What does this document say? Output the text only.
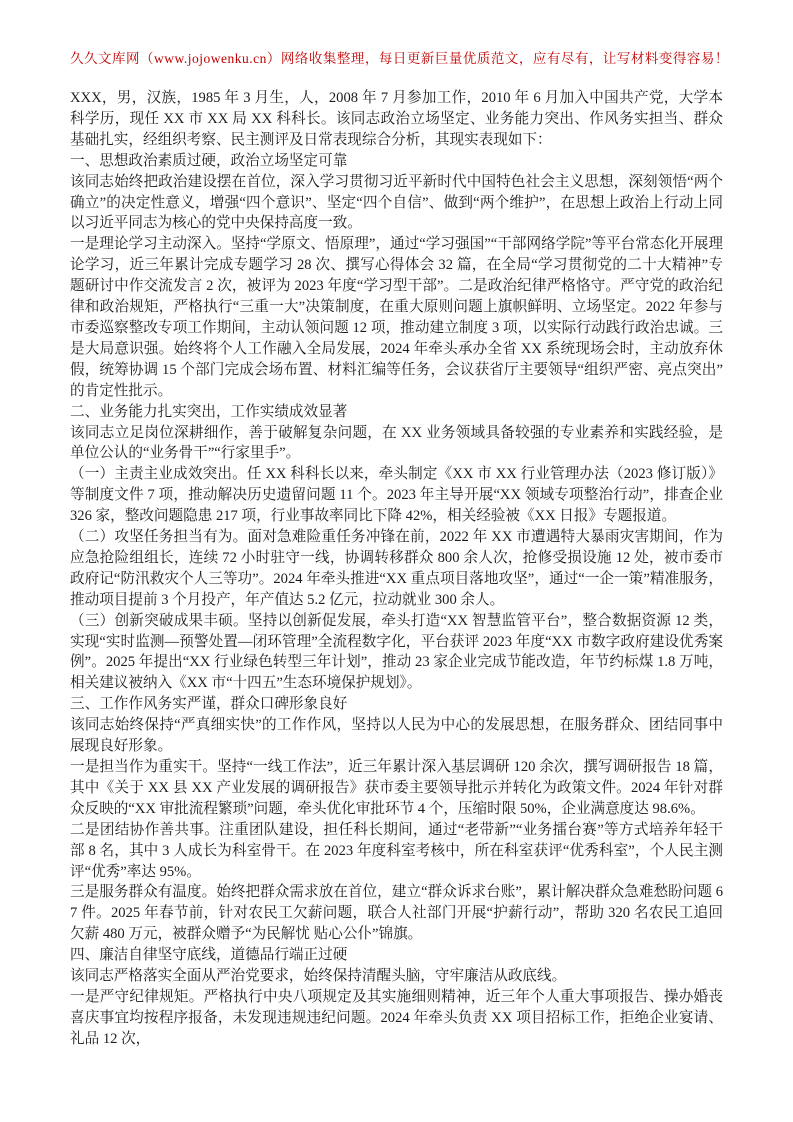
久久文库网（www.jojowenku.cn）网络收集整理，每日更新巨量优质范文，应有尽有，让写材料变得容易！

XXX，男，汉族，1985 年 3 月生，人，2008 年 7 月参加工作，2010 年 6 月加入中国共产党，大学本科学历，现任 XX 市 XX 局 XX 科科长。该同志政治立场坚定、业务能力突出、作风务实担当、群众基础扎实，经组织考察、民主测评及日常表现综合分析，其现实表现如下：

一、思想政治素质过硬，政治立场坚定可靠

该同志始终把政治建设摆在首位，深入学习贯彻习近平新时代中国特色社会主义思想，深刻领悟“两个确立”的决定性意义，增强“四个意识”、坚定“四个自信”、做到“两个维护”，在思想上政治上行动上同以习近平同志为核心的党中央保持高度一致。

一是理论学习主动深入。坚持“学原文、悟原理”，通过“学习强国”“干部网络学院”等平台常态化开展理论学习，近三年累计完成专题学习 28 次、撰写心得体会 32 篇，在全局“学习贯彻党的二十大精神”专题研讨中作交流发言 2 次，被评为 2023 年度“学习型干部”。二是政治纪律严格恪守。严守党的政治纪律和政治规矩，严格执行“三重一大”决策制度，在重大原则问题上旗帜鲜明、立场坚定。2022 年参与市委巡察整改专项工作期间，主动认领问题 12 项，推动建立制度 3 项，以实际行动践行政治忠诚。三是大局意识强。始终将个人工作融入全局发展，2024 年牵头承办全省 XX 系统现场会时，主动放弃休假，统筹协调 15 个部门完成会场布置、材料汇编等任务，会议获省厅主要领导“组织严密、亮点突出”的肯定性批示。

二、业务能力扎实突出，工作实绩成效显著

该同志立足岗位深耕细作，善于破解复杂问题，在 XX 业务领域具备较强的专业素养和实践经验，是单位公认的“业务骨干”“行家里手”。

（一）主责主业成效突出。任 XX 科科长以来，牵头制定《XX 市 XX 行业管理办法（2023 修订版）》等制度文件 7 项，推动解决历史遗留问题 11 个。2023 年主导开展“XX 领域专项整治行动”，排查企业 326 家，整改问题隐患 217 项，行业事故率同比下降 42%，相关经验被《XX 日报》专题报道。

（二）攻坚任务担当有为。面对急难险重任务冲锋在前，2022 年 XX 市遭遇特大暴雨灾害期间，作为应急抢险组组长，连续 72 小时驻守一线，协调转移群众 800 余人次，抢修受损设施 12 处，被市委市政府记“防汛救灾个人三等功”。2024 年牵头推进“XX 重点项目落地攻坚”，通过“一企一策”精准服务，推动项目提前 3 个月投产，年产值达 5.2 亿元，拉动就业 300 余人。

（三）创新突破成果丰硕。坚持以创新促发展，牵头打造“XX 智慧监管平台”，整合数据资源 12 类，实现“实时监测—预警处置—闭环管理”全流程数字化，平台获评 2023 年度“XX 市数字政府建设优秀案例”。2025 年提出“XX 行业绿色转型三年计划”，推动 23 家企业完成节能改造，年节约标煤 1.8 万吨，相关建议被纳入《XX 市“十四五”生态环境保护规划》。

三、工作作风务实严谨，群众口碑形象良好

该同志始终保持“严真细实快”的工作作风，坚持以人民为中心的发展思想，在服务群众、团结同事中展现良好形象。

一是担当作为重实干。坚持“一线工作法”，近三年累计深入基层调研 120 余次，撰写调研报告 18 篇，其中《关于 XX 县 XX 产业发展的调研报告》获市委主要领导批示并转化为政策文件。2024 年针对群众反映的“XX 审批流程繁琐”问题，牵头优化审批环节 4 个，压缩时限 50%，企业满意度达 98.6%。

二是团结协作善共事。注重团队建设，担任科长期间，通过“老带新”“业务擂台赛”等方式培养年轻干部 8 名，其中 3 人成长为科室骨干。在 2023 年度科室考核中，所在科室获评“优秀科室”，个人民主测评“优秀”率达 95%。

三是服务群众有温度。始终把群众需求放在首位，建立“群众诉求台账”，累计解决群众急难愁盼问题 67 件。2025 年春节前，针对农民工欠薪问题，联合人社部门开展“护薪行动”，帮助 320 名农民工追回欠薪 480 万元，被群众赠予“为民解忧 贴心公仆”锦旗。

四、廉洁自律坚守底线，道德品行端正过硬

该同志严格落实全面从严治党要求，始终保持清醒头脑，守牢廉洁从政底线。

一是严守纪律规矩。严格执行中央八项规定及其实施细则精神，近三年个人重大事项报告、操办婚丧喜庆事宜均按程序报备，未发现违规违纪问题。2024 年牵头负责 XX 项目招标工作，拒绝企业宴请、礼品 12 次，
